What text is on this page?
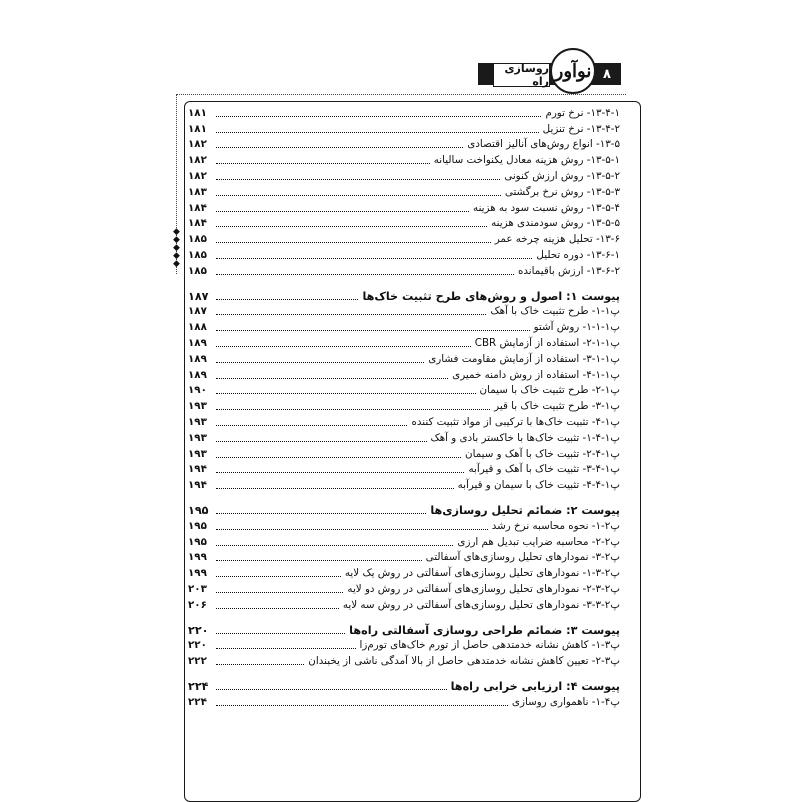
روسازی راه	۸
نوآور
◆
◆
◆
◆
◆
۱۸۱	۱۳-۴-۱- نرخ تورم
۱۸۱	۱۳-۴-۲- نرخ تنزیل
۱۸۲	۱۳-۵- انواع روش‌های آنالیز اقتصادی
۱۸۲	۱۳-۵-۱- روش هزینه معادل یکنواخت سالیانه
۱۸۲	۱۳-۵-۲- روش ارزش کنونی
۱۸۳	۱۳-۵-۳- روش نرخ برگشتی
۱۸۴	۱۳-۵-۴- روش نسبت سود به هزینه
۱۸۴	۱۳-۵-۵- روش سودمندی هزینه
۱۸۵	۱۳-۶- تحلیل هزینه چرخه عمر
۱۸۵	۱۳-۶-۱- دوره تحلیل
۱۸۵	۱۳-۶-۲- ارزش باقیمانده
۱۸۷	پیوست ۱: اصول و روش‌های طرح تثبیت خاک‌ها
۱۸۷	پ۱-۱- طرح تثبیت خاک با آهک
۱۸۸	پ۱-۱-۱- روش آشتو
۱۸۹	پ۱-۱-۲- استفاده از آزمایش CBR
۱۸۹	پ۱-۱-۳- استفاده از آزمایش مقاومت فشاری
۱۸۹	پ۱-۱-۴- استفاده از روش دامنه خمیری
۱۹۰	پ۱-۲- طرح تثبیت خاک با سیمان
۱۹۳	پ۱-۳- طرح تثبیت خاک با قیر
۱۹۳	پ۱-۴- تثبیت خاک‌ها با ترکیبی از مواد تثبیت کننده
۱۹۳	پ۱-۴-۱- تثبیت خاک‌ها با خاکستر بادی و آهک
۱۹۳	پ۱-۴-۲- تثبیت خاک با آهک و سیمان
۱۹۴	پ۱-۴-۳- تثبیت خاک با آهک و قیرآبه
۱۹۴	پ۱-۴-۴- تثبیت خاک با سیمان و قیرآبه
۱۹۵	پیوست ۲: ضمائم تحلیل روسازی‌ها
۱۹۵	پ۲-۱- نحوه محاسبه نرخ رشد
۱۹۵	پ۲-۲- محاسبه ضرایب تبدیل هم ارزی
۱۹۹	پ۲-۳- نمودارهای تحلیل روسازی‌های آسفالتی
۱۹۹	پ۲-۳-۱- نمودارهای تحلیل روسازی‌های آسفالتی در روش یک لایه
۲۰۳	پ۲-۳-۲- نمودارهای تحلیل روسازی‌های آسفالتی در روش دو لایه
۲۰۶	پ۲-۳-۳- نمودارهای تحلیل روسازی‌های آسفالتی در روش سه لایه
۲۲۰	پیوست ۳: ضمائم طراحی روسازی آسفالتی راه‌ها
۲۲۰	پ۳-۱- کاهش نشانه خدمتدهی حاصل از تورم خاک‌های تورم‌زا
۲۲۲	پ۳-۲- تعیین کاهش نشانه خدمتدهی حاصل از بالا آمدگی ناشی از یخبندان
۲۲۴	پیوست ۴: ارزیابی خرابی راه‌ها
۲۲۴	پ۴-۱- ناهمواری روسازی
